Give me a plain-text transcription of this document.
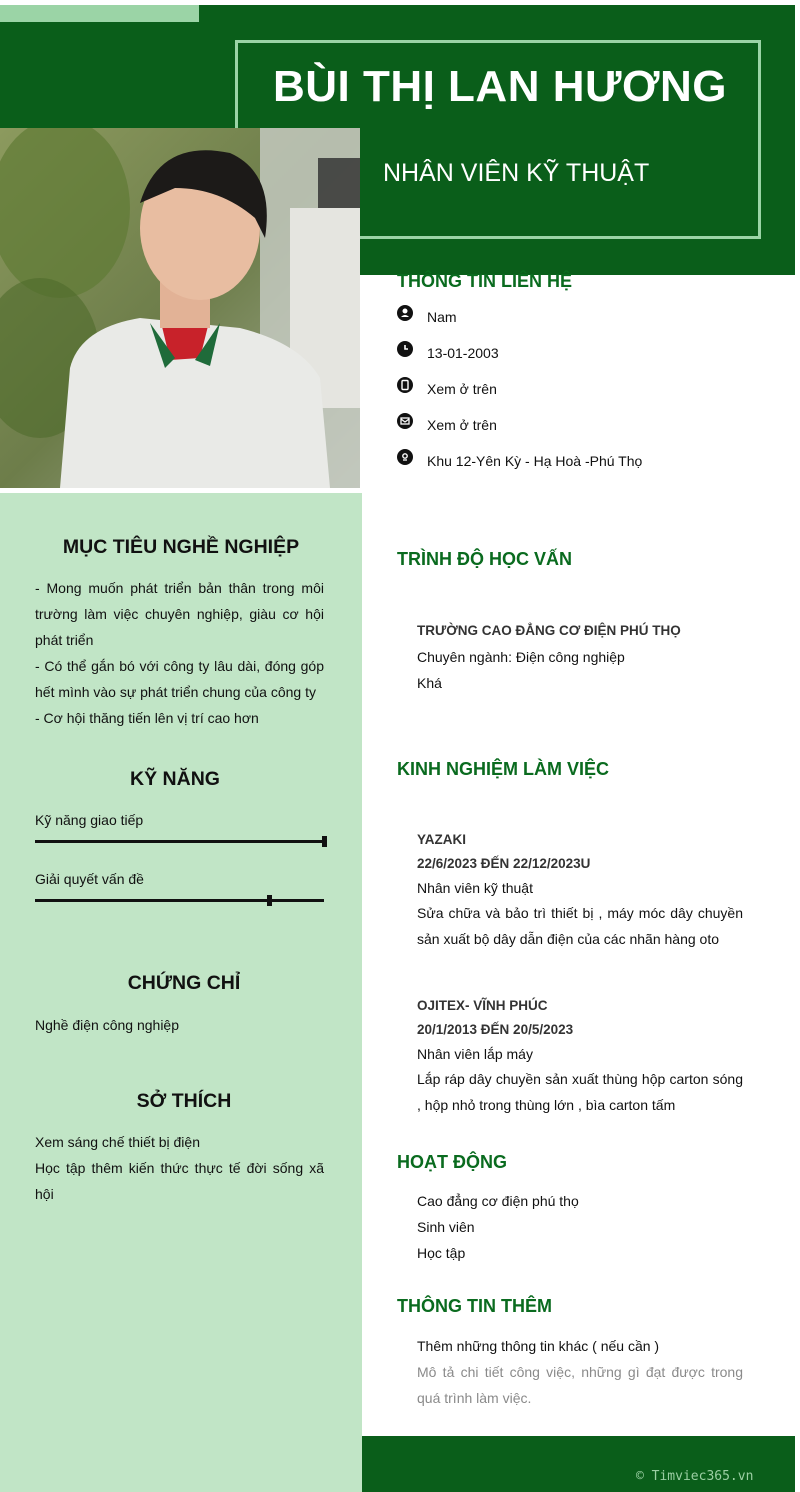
BÙI THỊ LAN HƯƠNG
NHÂN VIÊN KỸ THUẬT
MỤC TIÊU NGHỀ NGHIỆP
- Mong muốn phát triển bản thân trong môi trường làm việc chuyên nghiệp, giàu cơ hội phát triển
- Có thể gắn bó với công ty lâu dài, đóng góp hết mình vào sự phát triển chung của công ty
- Cơ hội thăng tiến lên vị trí cao hơn
KỸ NĂNG
Kỹ năng giao tiếp
Giải quyết vấn đề
CHỨNG CHỈ
Nghề điện công nghiệp
SỞ THÍCH
Xem sáng chế thiết bị điện
Học tập thêm kiến thức thực tế đời sống xã hội
THÔNG TIN LIÊN HỆ
Nam
13-01-2003
Xem ở trên
Xem ở trên
Khu 12-Yên Kỳ - Hạ Hoà -Phú Thọ
TRÌNH ĐỘ HỌC VẤN
TRƯỜNG CAO ĐẲNG CƠ ĐIỆN PHÚ THỌ
Chuyên ngành: Điện công nghiệp
Khá
KINH NGHIỆM LÀM VIỆC
YAZAKI
22/6/2023 ĐẾN 22/12/2023U
Nhân viên kỹ thuật
Sửa chữa và bảo trì thiết bị , máy móc dây chuyền sản xuất bộ dây dẫn điện của các nhãn hàng oto
OJITEX- VĨNH PHÚC
20/1/2013 ĐẾN 20/5/2023
Nhân viên lắp máy
Lắp ráp dây chuyền sản xuất thùng hộp carton sóng , hộp nhỏ trong thùng lớn , bìa carton tấm
HOẠT ĐỘNG
Cao đẳng cơ điện phú thọ
Sinh viên
Học tập
THÔNG TIN THÊM
Thêm những thông tin khác ( nếu cần )
Mô tả chi tiết công việc, những gì đạt được trong quá trình làm việc.
© Timviec365.vn
